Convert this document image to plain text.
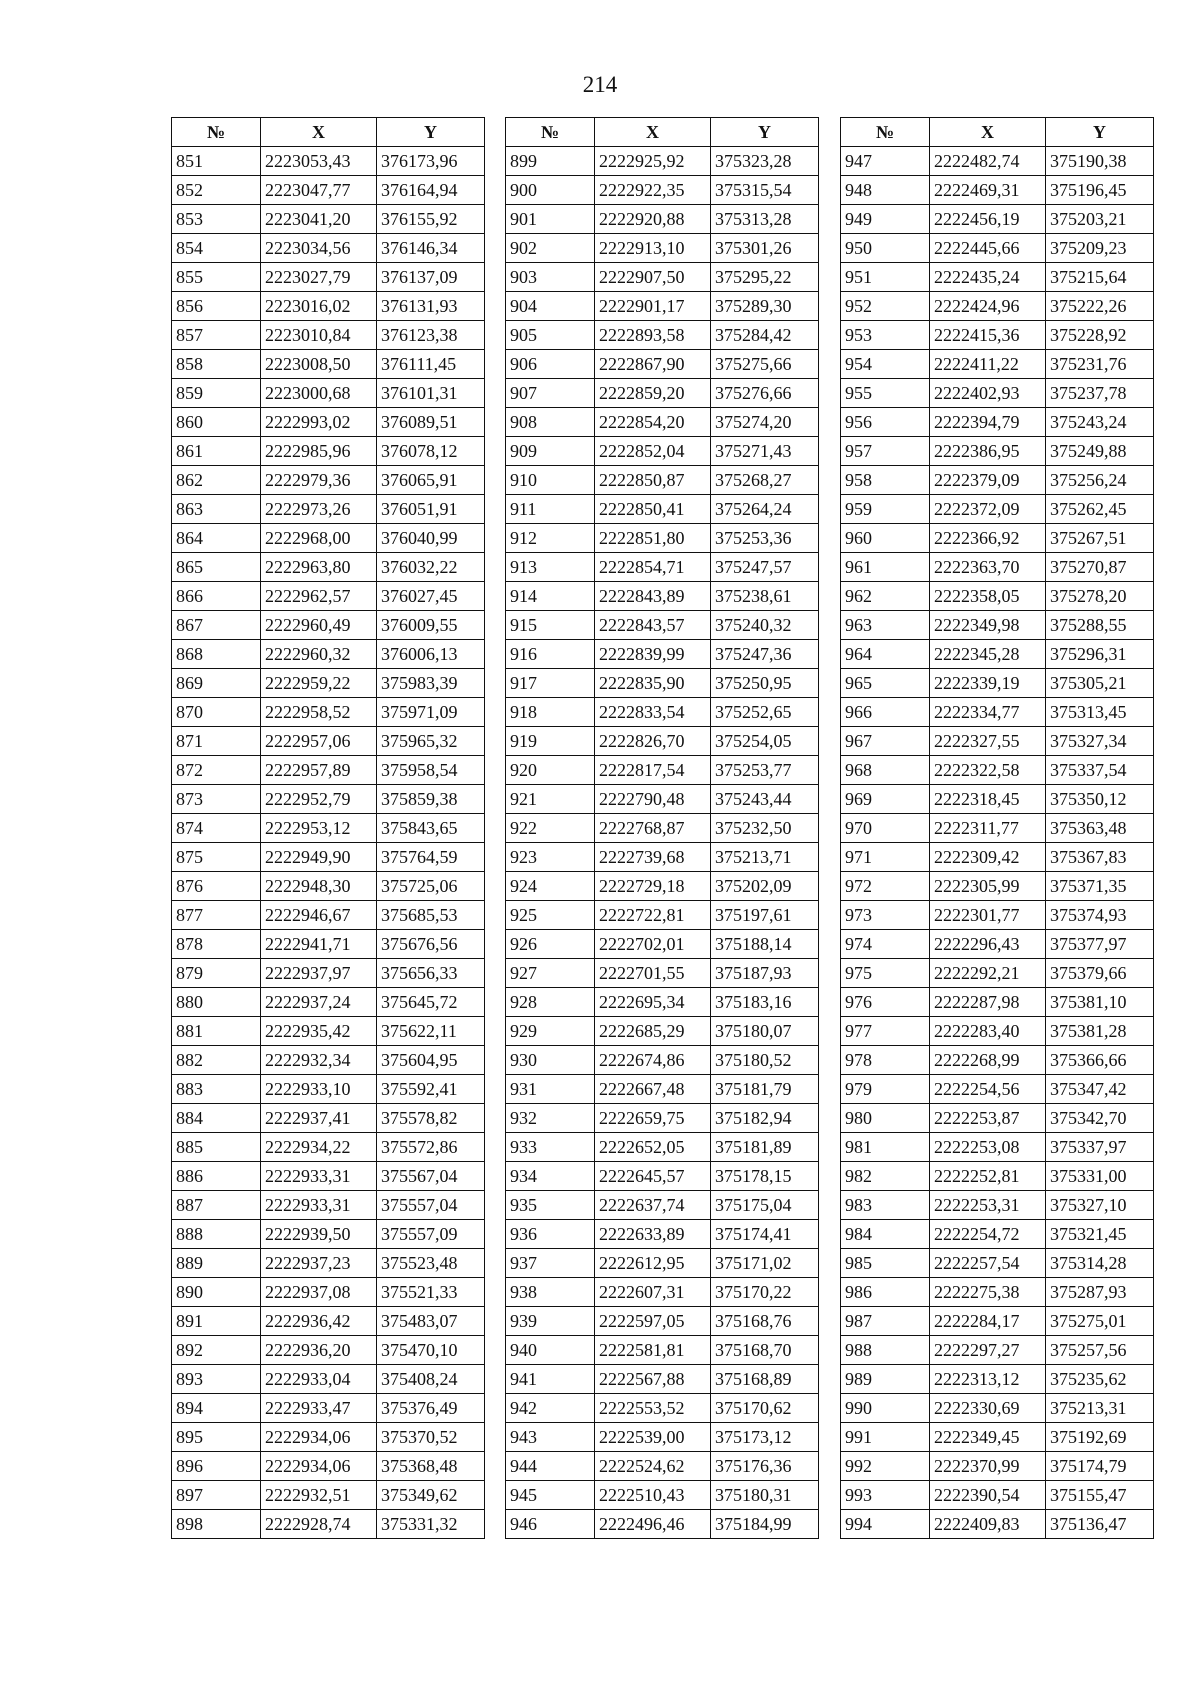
214
№	X	Y
851	2223053,43	376173,96
852	2223047,77	376164,94
853	2223041,20	376155,92
854	2223034,56	376146,34
855	2223027,79	376137,09
856	2223016,02	376131,93
857	2223010,84	376123,38
858	2223008,50	376111,45
859	2223000,68	376101,31
860	2222993,02	376089,51
861	2222985,96	376078,12
862	2222979,36	376065,91
863	2222973,26	376051,91
864	2222968,00	376040,99
865	2222963,80	376032,22
866	2222962,57	376027,45
867	2222960,49	376009,55
868	2222960,32	376006,13
869	2222959,22	375983,39
870	2222958,52	375971,09
871	2222957,06	375965,32
872	2222957,89	375958,54
873	2222952,79	375859,38
874	2222953,12	375843,65
875	2222949,90	375764,59
876	2222948,30	375725,06
877	2222946,67	375685,53
878	2222941,71	375676,56
879	2222937,97	375656,33
880	2222937,24	375645,72
881	2222935,42	375622,11
882	2222932,34	375604,95
883	2222933,10	375592,41
884	2222937,41	375578,82
885	2222934,22	375572,86
886	2222933,31	375567,04
887	2222933,31	375557,04
888	2222939,50	375557,09
889	2222937,23	375523,48
890	2222937,08	375521,33
891	2222936,42	375483,07
892	2222936,20	375470,10
893	2222933,04	375408,24
894	2222933,47	375376,49
895	2222934,06	375370,52
896	2222934,06	375368,48
897	2222932,51	375349,62
898	2222928,74	375331,32
№	X	Y
899	2222925,92	375323,28
900	2222922,35	375315,54
901	2222920,88	375313,28
902	2222913,10	375301,26
903	2222907,50	375295,22
904	2222901,17	375289,30
905	2222893,58	375284,42
906	2222867,90	375275,66
907	2222859,20	375276,66
908	2222854,20	375274,20
909	2222852,04	375271,43
910	2222850,87	375268,27
911	2222850,41	375264,24
912	2222851,80	375253,36
913	2222854,71	375247,57
914	2222843,89	375238,61
915	2222843,57	375240,32
916	2222839,99	375247,36
917	2222835,90	375250,95
918	2222833,54	375252,65
919	2222826,70	375254,05
920	2222817,54	375253,77
921	2222790,48	375243,44
922	2222768,87	375232,50
923	2222739,68	375213,71
924	2222729,18	375202,09
925	2222722,81	375197,61
926	2222702,01	375188,14
927	2222701,55	375187,93
928	2222695,34	375183,16
929	2222685,29	375180,07
930	2222674,86	375180,52
931	2222667,48	375181,79
932	2222659,75	375182,94
933	2222652,05	375181,89
934	2222645,57	375178,15
935	2222637,74	375175,04
936	2222633,89	375174,41
937	2222612,95	375171,02
938	2222607,31	375170,22
939	2222597,05	375168,76
940	2222581,81	375168,70
941	2222567,88	375168,89
942	2222553,52	375170,62
943	2222539,00	375173,12
944	2222524,62	375176,36
945	2222510,43	375180,31
946	2222496,46	375184,99
№	X	Y
947	2222482,74	375190,38
948	2222469,31	375196,45
949	2222456,19	375203,21
950	2222445,66	375209,23
951	2222435,24	375215,64
952	2222424,96	375222,26
953	2222415,36	375228,92
954	2222411,22	375231,76
955	2222402,93	375237,78
956	2222394,79	375243,24
957	2222386,95	375249,88
958	2222379,09	375256,24
959	2222372,09	375262,45
960	2222366,92	375267,51
961	2222363,70	375270,87
962	2222358,05	375278,20
963	2222349,98	375288,55
964	2222345,28	375296,31
965	2222339,19	375305,21
966	2222334,77	375313,45
967	2222327,55	375327,34
968	2222322,58	375337,54
969	2222318,45	375350,12
970	2222311,77	375363,48
971	2222309,42	375367,83
972	2222305,99	375371,35
973	2222301,77	375374,93
974	2222296,43	375377,97
975	2222292,21	375379,66
976	2222287,98	375381,10
977	2222283,40	375381,28
978	2222268,99	375366,66
979	2222254,56	375347,42
980	2222253,87	375342,70
981	2222253,08	375337,97
982	2222252,81	375331,00
983	2222253,31	375327,10
984	2222254,72	375321,45
985	2222257,54	375314,28
986	2222275,38	375287,93
987	2222284,17	375275,01
988	2222297,27	375257,56
989	2222313,12	375235,62
990	2222330,69	375213,31
991	2222349,45	375192,69
992	2222370,99	375174,79
993	2222390,54	375155,47
994	2222409,83	375136,47
